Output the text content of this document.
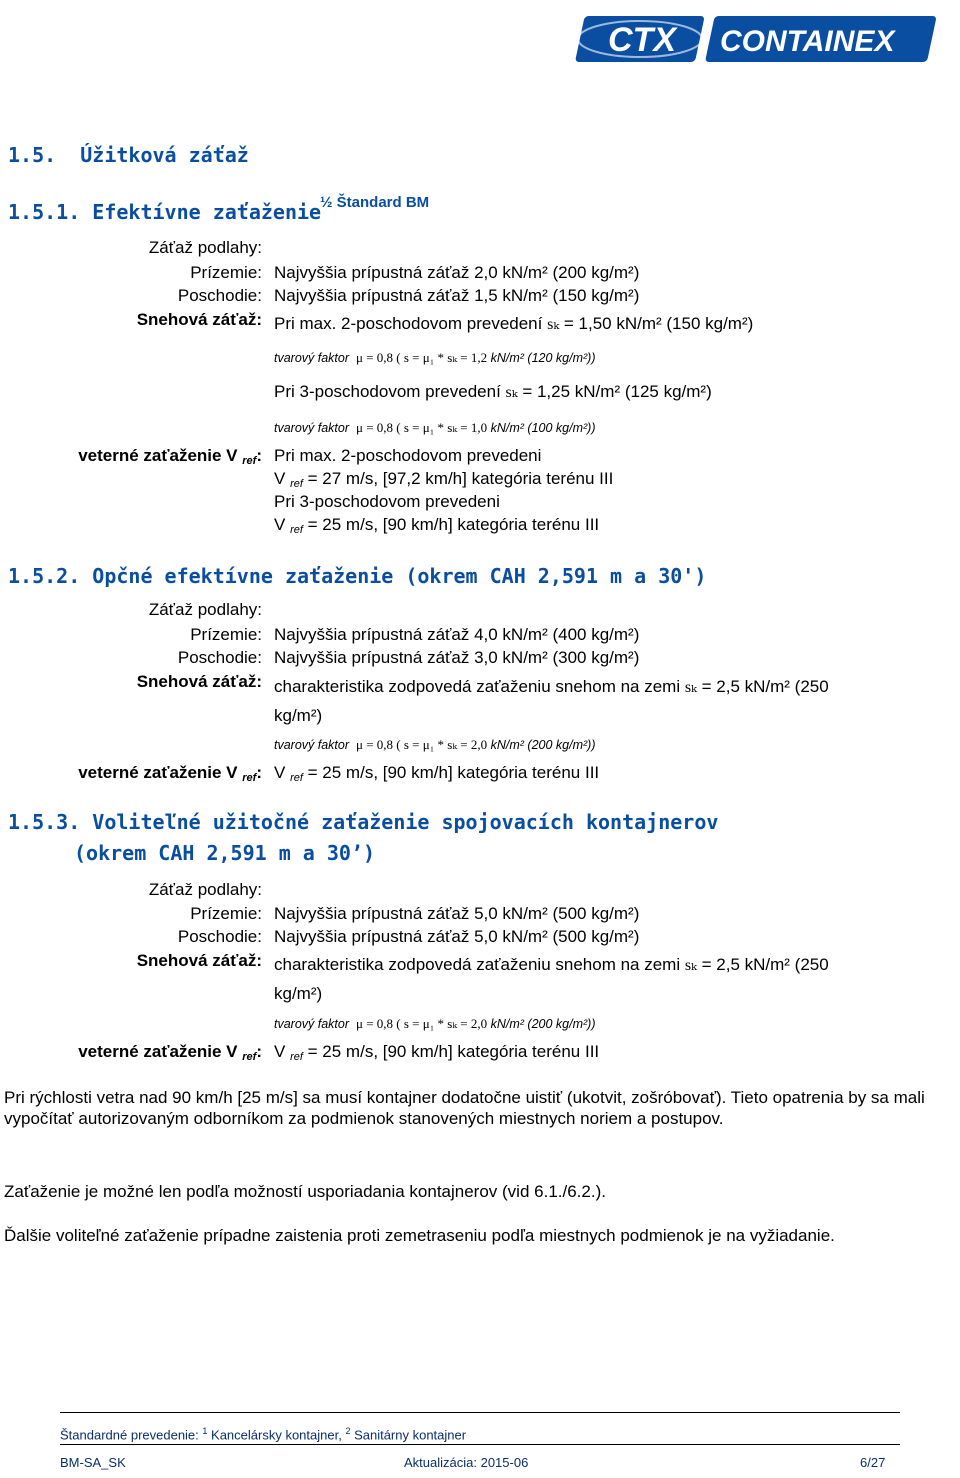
CTX CONTAINEX
1.5. Úžitková záťaž
1.5.1. Efektívne zaťaženie
½ Štandard BM
Záťaž podlahy:
Prízemie: Najvyššia prípustná záťaž 2,0 kN/m² (200 kg/m²)
Poschodie: Najvyššia prípustná záťaž 1,5 kN/m² (150 kg/m²)
Snehová záťaž: Pri max. 2-poschodovom prevedení sₖ = 1,50 kN/m² (150 kg/m²)
tvarový faktor μ = 0,8 ( s = μ₁ * sₖ = 1,2 kN/m² (120 kg/m²))
Pri 3-poschodovom prevedení sₖ = 1,25 kN/m² (125 kg/m²)
tvarový faktor μ = 0,8 ( s = μ₁ * sₖ = 1,0 kN/m² (100 kg/m²))
veterné zaťaženie V $_{ref}$: Pri max. 2-poschodovom prevedeni
V $_{ref}$ = 27 m/s, [97,2 km/h] kategória terénu III
Pri 3-poschodovom prevedeni
V $_{ref}$ = 25 m/s, [90 km/h] kategória terénu III
1.5.2. Opčné efektívne zaťaženie (okrem CAH 2,591 m a 30')
Záťaž podlahy:
Prízemie: Najvyššia prípustná záťaž 4,0 kN/m² (400 kg/m²)
Poschodie: Najvyššia prípustná záťaž 3,0 kN/m² (300 kg/m²)
Snehová záťaž: charakteristika zodpovedá zaťaženiu snehom na zemi sₖ = 2,5 kN/m² (250
kg/m²)
tvarový faktor μ = 0,8 ( s = μ₁ * sₖ = 2,0 kN/m² (200 kg/m²))
veterné zaťaženie V $_{ref}$: V $_{ref}$ = 25 m/s, [90 km/h] kategória terénu III
1.5.3. Voliteľné užitočné zaťaženie spojovacích kontajnerov
(okrem CAH 2,591 m a 30’)
Záťaž podlahy:
Prízemie: Najvyššia prípustná záťaž 5,0 kN/m² (500 kg/m²)
Poschodie: Najvyššia prípustná záťaž 5,0 kN/m² (500 kg/m²)
Snehová záťaž: charakteristika zodpovedá zaťaženiu snehom na zemi sₖ = 2,5 kN/m² (250
kg/m²)
tvarový faktor μ = 0,8 ( s = μ₁ * sₖ = 2,0 kN/m² (200 kg/m²))
veterné zaťaženie V $_{ref}$: V $_{ref}$ = 25 m/s, [90 km/h] kategória terénu III
Pri rýchlosti vetra nad 90 km/h [25 m/s] sa musí kontajner dodatočne uistiť (ukotvit, zošróbovať). Tieto opatrenia by sa mali vypočítať autorizovaným odborníkom za podmienok stanovených miestnych noriem a postupov.
Zaťaženie je možné len podľa možností usporiadania kontajnerov (vid 6.1./6.2.).
Ďalšie voliteľné zaťaženie prípadne zaistenia proti zemetraseniu podľa miestnych podmienok je na vyžiadanie.
Štandardné prevedenie: $^1$ Kancelársky kontajner, $^2$ Sanitárny kontajner
BM-SA_SK	Aktualizácia: 2015-06	6/27
